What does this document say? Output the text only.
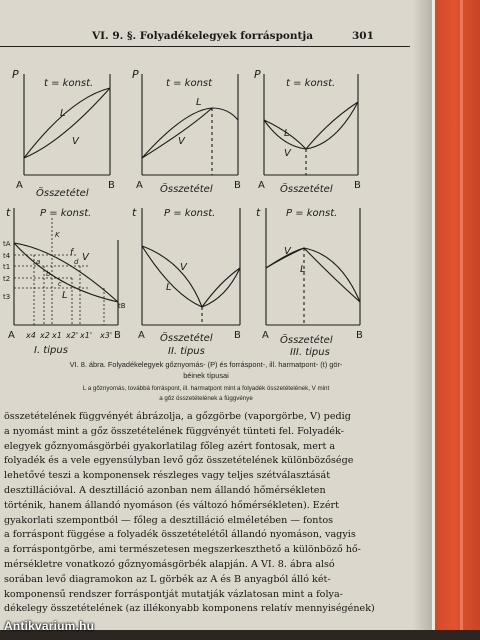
VI. 9. §. Folyadékelegyek forráspontja	301
t = konst.
P
L
V
A	B
Összetétel
t = konst
P
L
V
A	B
Összetétel
t = konst.
P
L
V
A	B
Összetétel
P = konst.
t
tA
t4
t1
t2
t3
tB
K
a
b
c
d
f V
L
A x4 x2 x1 x2' x1' x3' B
I. tipus
P = konst.
t
V
L
A	B
Összetétel
II. tipus
P = konst.
t
V
L
A	B
Összetétel
III. tipus
VI. 8. ábra. Folyadékelegyek gőznyomás- (P) és forráspont-, ill. harmatpont- (t) gör-
béinek típusai
L a gőznyomás, továbbá forráspont, ill. harmatpont mint a folyadék összetételének, V mint
a gőz összetételének a függvénye
összetételének függvényét ábrázolja, a gőzgörbe (vaporgörbe, V) pedig
a nyomást mint a gőz összetételének függvényét tünteti fel. Folyadék-
elegyek gőznyomásgörbéi gyakorlatilag főleg azért fontosak, mert a
folyadék és a vele egyensúlyban levő gőz összetételének különbözősége
lehetővé teszi a komponensek részleges vagy teljes szétválasztását
desztillációval. A desztilláció azonban nem állandó hőmérsékleten
történik, hanem állandó nyomáson (és változó hőmérsékleten). Ezért
gyakorlati szempontból — főleg a desztilláció elméletében — fontos
a forráspont függése a folyadék összetételétől állandó nyomáson, vagyis
a forráspontgörbe, ami természetesen megszerkeszthető a különböző hő-
mérsékletre vonatkozó gőznyomásgörbék alapján. A VI. 8. ábra alsó
sorában levő diagramokon az L görbék az A és B anyagból álló két-
komponensű rendszer forráspontját mutatják vázlatosan mint a folya-
dékelegy összetételének (az illékonyabb komponens relatív mennyiségének)
Antikvarium.hu
